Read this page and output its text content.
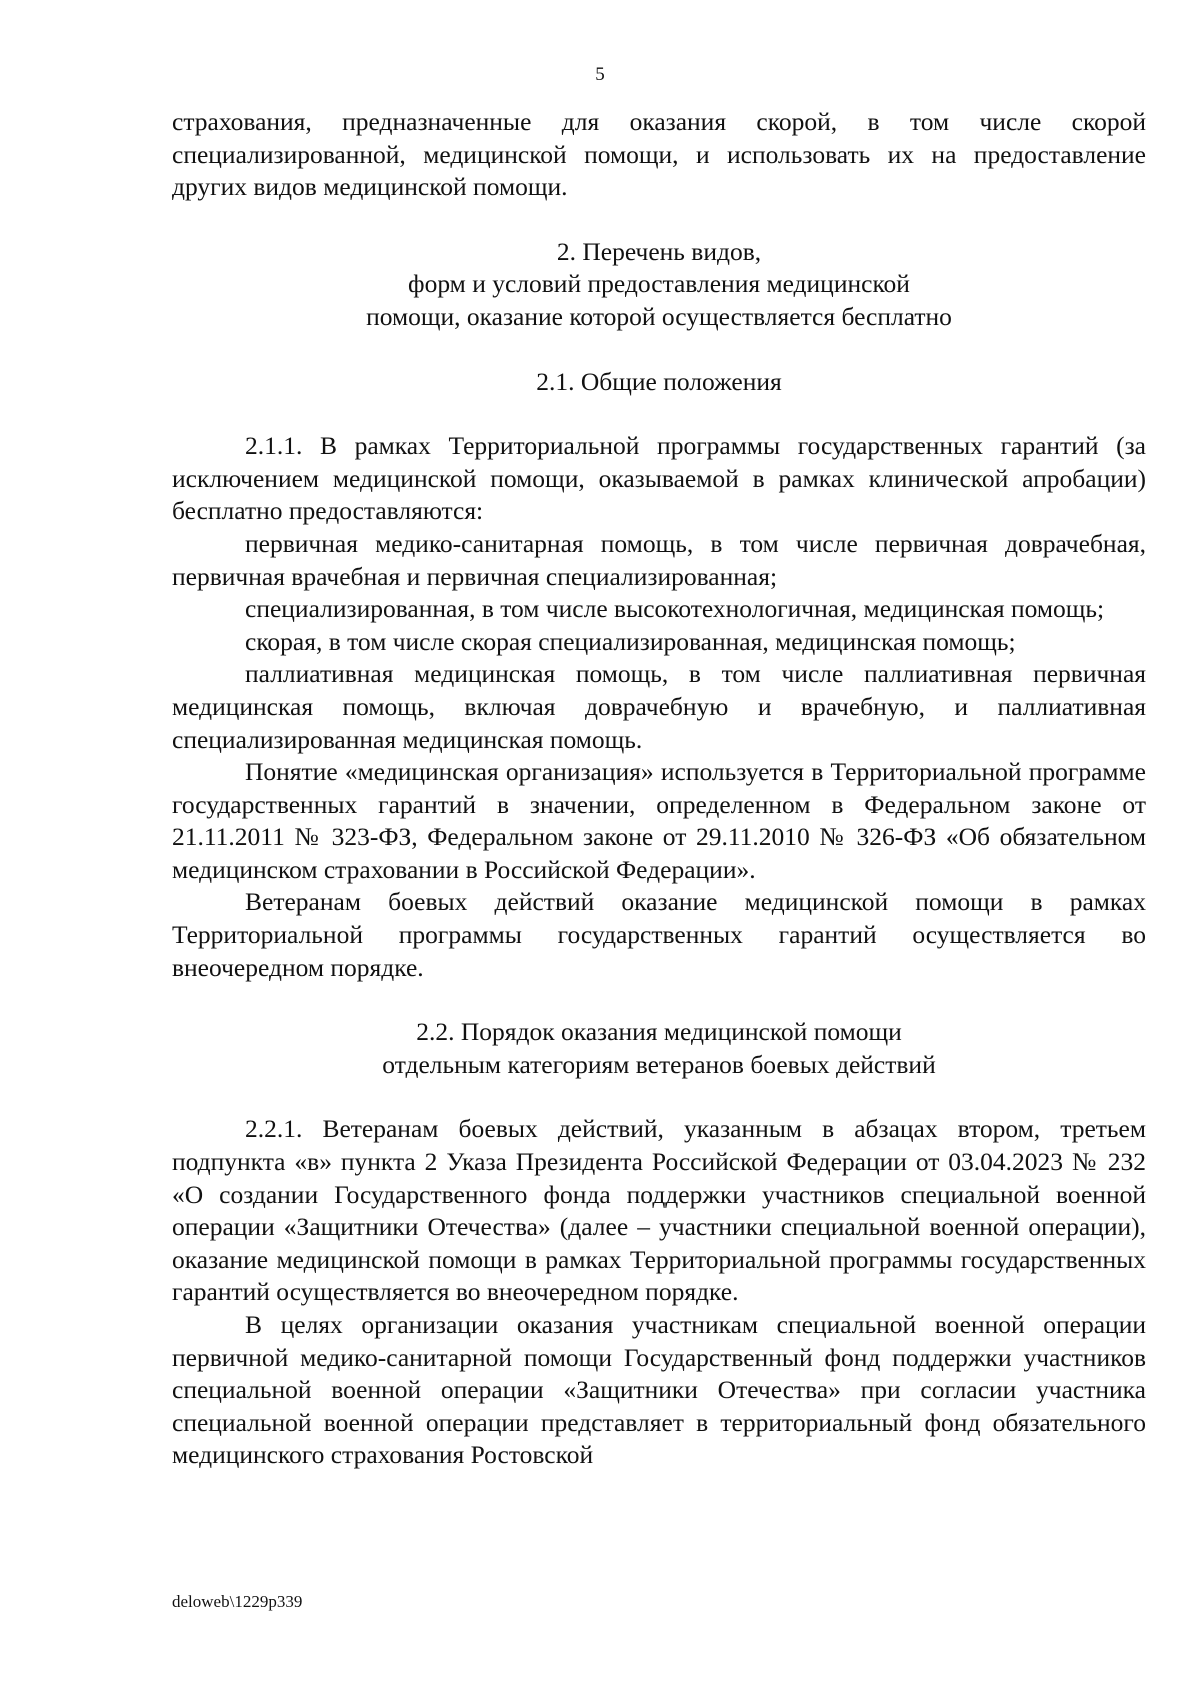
5

страхования, предназначенные для оказания скорой, в том числе скорой специализированной, медицинской помощи, и использовать их на предоставление других видов медицинской помощи.

2. Перечень видов,
форм и условий предоставления медицинской
помощи, оказание которой осуществляется бесплатно
2.1. Общие положения

2.1.1. В рамках Территориальной программы государственных гарантий (за исключением медицинской помощи, оказываемой в рамках клинической апробации) бесплатно предоставляются:

первичная медико-санитарная помощь, в том числе первичная доврачебная, первичная врачебная и первичная специализированная;

специализированная, в том числе высокотехнологичная, медицинская помощь;

скорая, в том числе скорая специализированная, медицинская помощь;

паллиативная медицинская помощь, в том числе паллиативная первичная медицинская помощь, включая доврачебную и врачебную, и паллиативная специализированная медицинская помощь.

Понятие «медицинская организация» используется в Территориальной программе государственных гарантий в значении, определенном в Федеральном законе от 21.11.2011 № 323-ФЗ, Федеральном законе от 29.11.2010 № 326-ФЗ «Об обязательном медицинском страховании в Российской Федерации».

Ветеранам боевых действий оказание медицинской помощи в рамках Территориальной программы государственных гарантий осуществляется во внеочередном порядке.

2.2. Порядок оказания медицинской помощи
отдельным категориям ветеранов боевых действий

2.2.1. Ветеранам боевых действий, указанным в абзацах втором, третьем подпункта «в» пункта 2 Указа Президента Российской Федерации от 03.04.2023 № 232 «О создании Государственного фонда поддержки участников специальной военной операции «Защитники Отечества» (далее – участники специальной военной операции), оказание медицинской помощи в рамках Территориальной программы государственных гарантий осуществляется во внеочередном порядке.

В целях организации оказания участникам специальной военной операции первичной медико-санитарной помощи Государственный фонд поддержки участников специальной военной операции «Защитники Отечества» при согласии участника специальной военной операции представляет в территориальный фонд обязательного медицинского страхования Ростовской

deloweb\1229p339
